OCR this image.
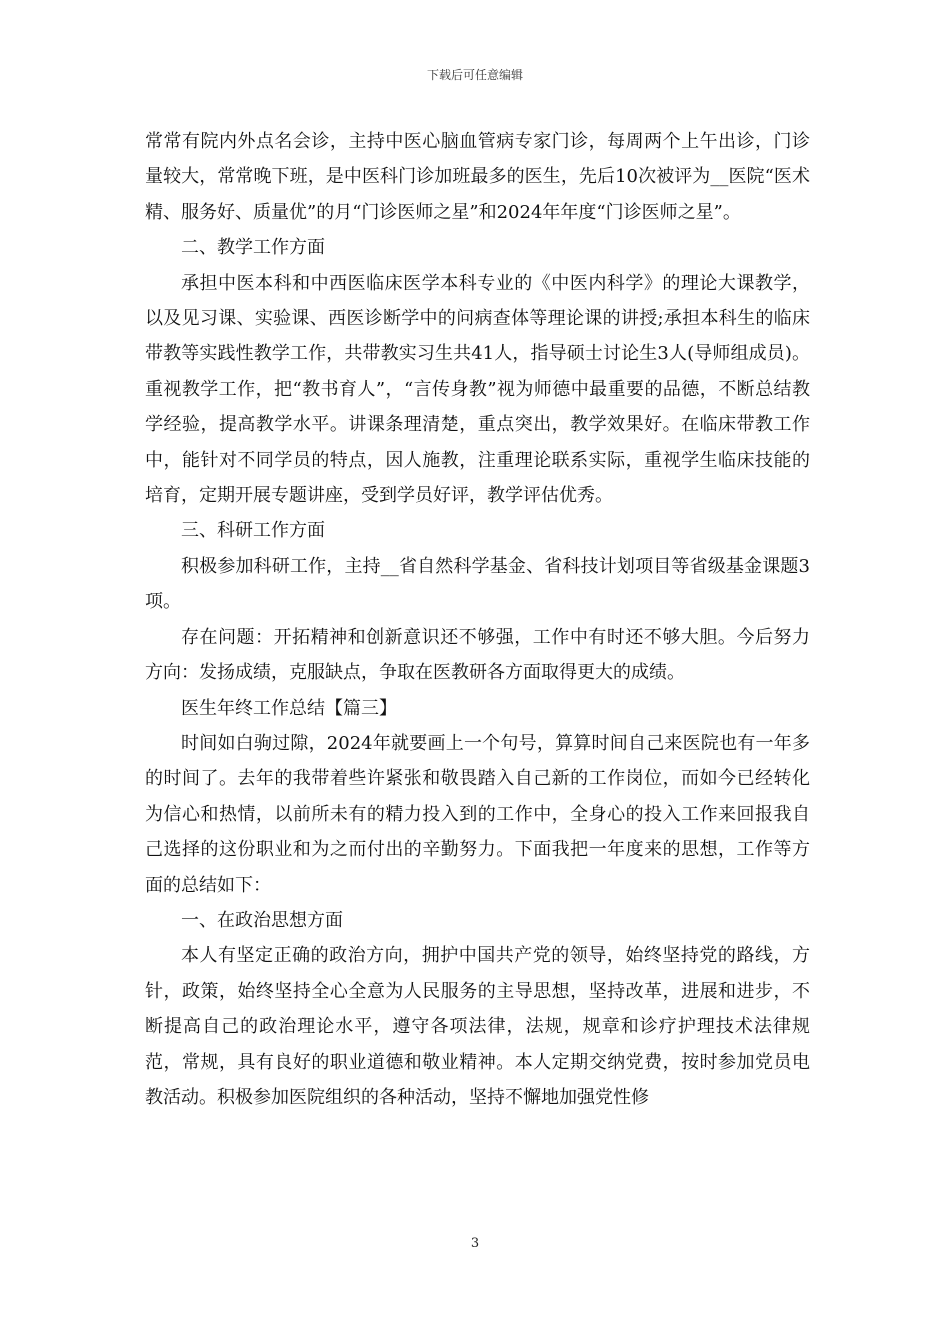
下载后可任意编辑

常常有院内外点名会诊，主持中医心脑血管病专家门诊，每周两个上午出诊，门诊量较大，常常晚下班，是中医科门诊加班最多的医生，先后10次被评为__医院“医术精、服务好、质量优”的月“门诊医师之星”和2024年年度“门诊医师之星”。

二、教学工作方面

承担中医本科和中西医临床医学本科专业的《中医内科学》的理论大课教学，以及见习课、实验课、西医诊断学中的问病查体等理论课的讲授;承担本科生的临床带教等实践性教学工作，共带教实习生共41人，指导硕士讨论生3人(导师组成员)。重视教学工作，把“教书育人”，“言传身教”视为师德中最重要的品德，不断总结教学经验，提高教学水平。讲课条理清楚，重点突出，教学效果好。在临床带教工作中，能针对不同学员的特点，因人施教，注重理论联系实际，重视学生临床技能的培育，定期开展专题讲座，受到学员好评，教学评估优秀。

三、科研工作方面

积极参加科研工作，主持__省自然科学基金、省科技计划项目等省级基金课题3项。

存在问题：开拓精神和创新意识还不够强，工作中有时还不够大胆。今后努力方向：发扬成绩，克服缺点，争取在医教研各方面取得更大的成绩。

医生年终工作总结【篇三】

时间如白驹过隙，2024年就要画上一个句号，算算时间自己来医院也有一年多的时间了。去年的我带着些许紧张和敬畏踏入自己新的工作岗位，而如今已经转化为信心和热情，以前所未有的精力投入到的工作中，全身心的投入工作来回报我自己选择的这份职业和为之而付出的辛勤努力。下面我把一年度来的思想，工作等方面的总结如下：

一、在政治思想方面

本人有坚定正确的政治方向，拥护中国共产党的领导，始终坚持党的路线，方针，政策，始终坚持全心全意为人民服务的主导思想，坚持改革，进展和进步，不断提高自己的政治理论水平，遵守各项法律，法规，规章和诊疗护理技术法律规范，常规，具有良好的职业道德和敬业精神。本人定期交纳党费，按时参加党员电教活动。积极参加医院组织的各种活动，坚持不懈地加强党性修

3
